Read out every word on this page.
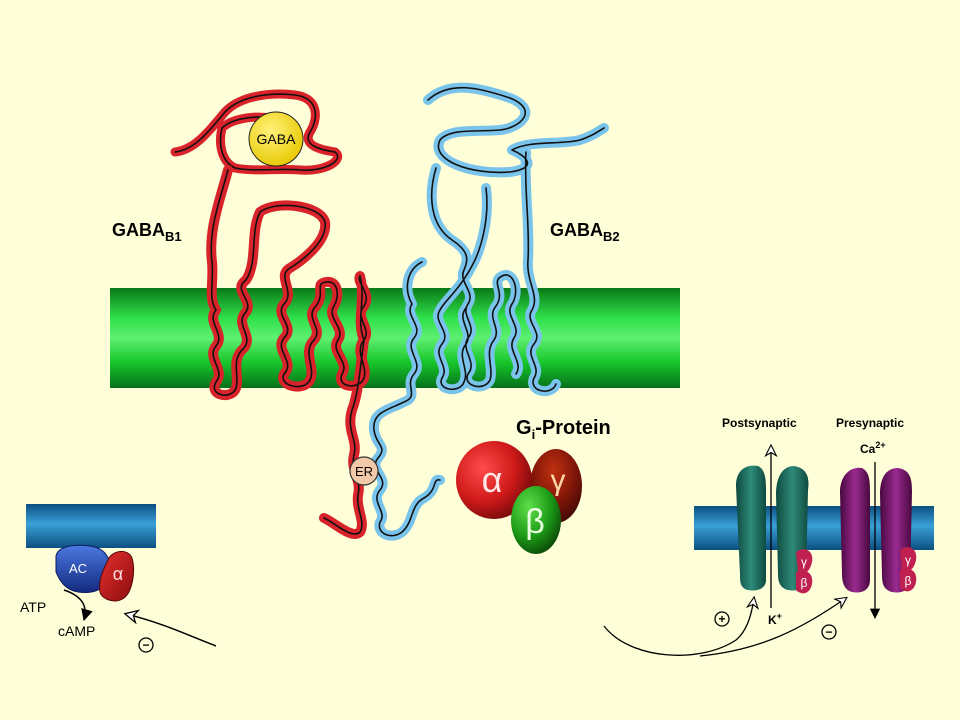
GABA
ER
$GABA_{B1}$	$GABA_{B2}$
$G_i$-Protein
α γ
β
AC α
ATP
cAMP
−
Postsynaptic	Presynaptic
K+
γ
β
$Ca^{2+}$
γ
β
+
−
